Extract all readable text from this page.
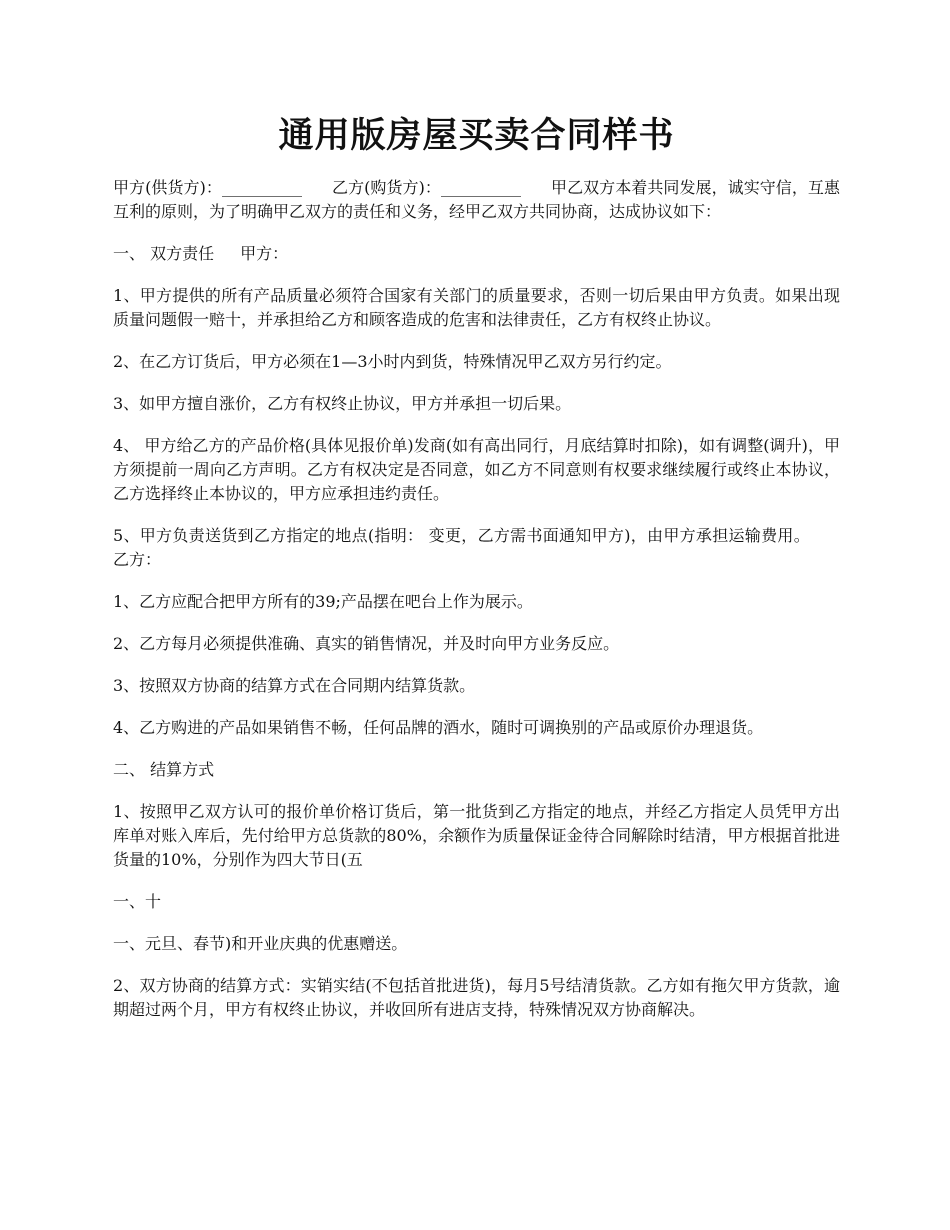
通用版房屋买卖合同样书

甲方(供货方)：__________ 乙方(购货方)：__________ 甲乙双方本着共同发展，诚实守信，互惠互利的原则，为了明确甲乙双方的责任和义务，经甲乙双方共同协商，达成协议如下：

一、 双方责任 甲方：

1、甲方提供的所有产品质量必须符合国家有关部门的质量要求，否则一切后果由甲方负责。如果出现质量问题假一赔十，并承担给乙方和顾客造成的危害和法律责任，乙方有权终止协议。

2、在乙方订货后，甲方必须在1—3小时内到货，特殊情况甲乙双方另行约定。

3、如甲方擅自涨价，乙方有权终止协议，甲方并承担一切后果。

4、 甲方给乙方的产品价格(具体见报价单)发商(如有高出同行，月底结算时扣除)，如有调整(调升)，甲方须提前一周向乙方声明。乙方有权决定是否同意，如乙方不同意则有权要求继续履行或终止本协议，乙方选择终止本协议的，甲方应承担违约责任。

5、甲方负责送货到乙方指定的地点(指明： 变更，乙方需书面通知甲方)，由甲方承担运输费用。乙方：

1、乙方应配合把甲方所有的39;产品摆在吧台上作为展示。

2、乙方每月必须提供准确、真实的销售情况，并及时向甲方业务反应。

3、按照双方协商的结算方式在合同期内结算货款。

4、乙方购进的产品如果销售不畅，任何品牌的酒水，随时可调换别的产品或原价办理退货。

二、 结算方式

1、按照甲乙双方认可的报价单价格订货后，第一批货到乙方指定的地点，并经乙方指定人员凭甲方出库单对账入库后，先付给甲方总货款的80%，余额作为质量保证金待合同解除时结清，甲方根据首批进货量的10%，分别作为四大节日(五

一、十

一、元旦、春节)和开业庆典的优惠赠送。

2、双方协商的结算方式：实销实结(不包括首批进货)，每月5号结清货款。乙方如有拖欠甲方货款，逾期超过两个月，甲方有权终止协议，并收回所有进店支持，特殊情况双方协商解决。
